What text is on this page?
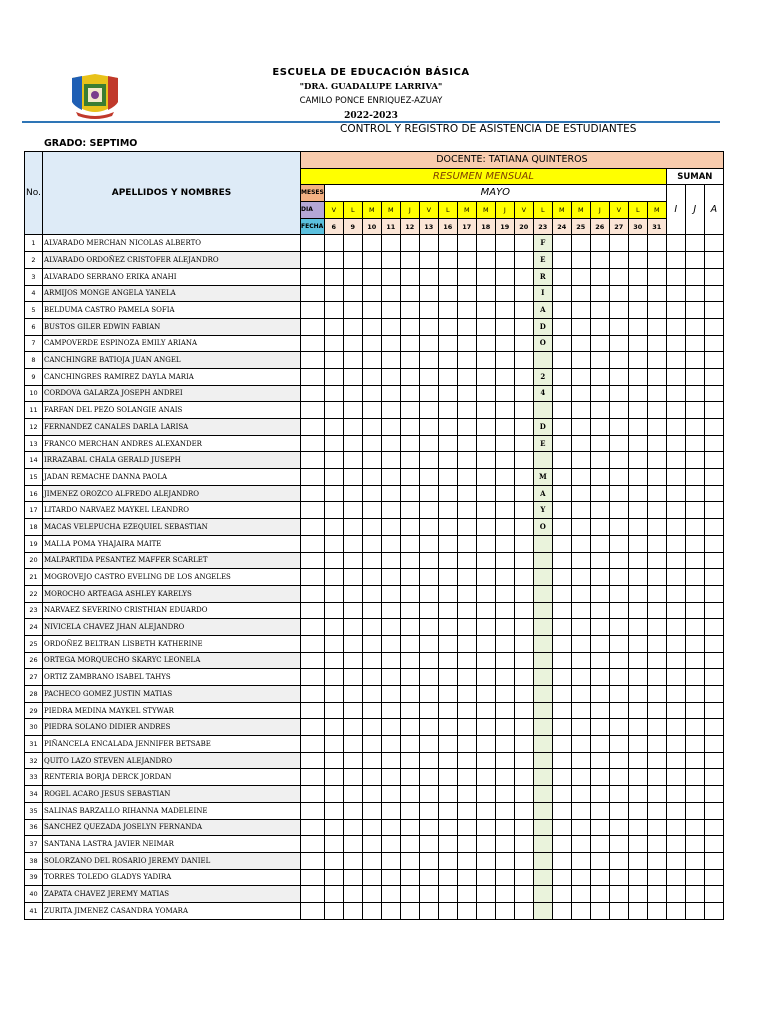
ESCUELA DE EDUCACIÓN BÁSICA
"DRA. GUADALUPE LARRIVA"
CAMILO PONCE ENRIQUEZ-AZUAY
2022-2023
CONTROL Y REGISTRO DE ASISTENCIA DE ESTUDIANTES
GRADO: SEPTIMO
No.	APELLIDOS Y NOMBRES	DOCENTE: TATIANA QUINTEROS																					
		RESUMEN MENSUAL																			SUMAN		
		MESES	MAYO																		I	J	A
		DIA	V	L	M	M	J	V	L	M	M	J	V	L	M	M	J	V	L	M			
		FECHA	6	9	10	11	12	13	16	17	18	19	20	23	24	25	26	27	30	31			
1	ALVARADO MERCHAN NICOLAS ALBERTO													F									
2	ALVARADO ORDOÑEZ CRISTOFER ALEJANDRO													E									
3	ALVARADO SERRANO ERIKA ANAHI													R									
4	ARMIJOS MONGE ANGELA YANELA													I									
5	BELDUMA CASTRO PAMELA SOFIA													A									
6	BUSTOS GILER EDWIN FABIAN													D									
7	CAMPOVERDE ESPINOZA EMILY ARIANA													O									
8	CANCHINGRE BATIOJA JUAN ANGEL																						
9	CANCHINGRES RAMIREZ DAYLA MARIA													2									
10	CORDOVA GALARZA JOSEPH ANDREI													4									
11	FARFAN DEL PEZO SOLANGIE ANAIS																						
12	FERNANDEZ CANALES DARLA LARISA													D									
13	FRANCO MERCHAN ANDRES ALEXANDER													E									
14	IRRAZABAL CHALA GERALD JUSEPH																						
15	JADAN REMACHE DANNA PAOLA													M									
16	JIMENEZ OROZCO ALFREDO ALEJANDRO													A									
17	LITARDO NARVAEZ MAYKEL LEANDRO													Y									
18	MACAS VELEPUCHA EZEQUIEL SEBASTIAN													O									
19	MALLA POMA YHAJAIRA MAITE																						
20	MALPARTIDA PESANTEZ MAFFER SCARLET																						
21	MOGROVEJO CASTRO EVELING DE LOS ANGELES																						
22	MOROCHO ARTEAGA ASHLEY KARELYS																						
23	NARVAEZ SEVERINO CRISTHIAN EDUARDO																						
24	NIVICELA CHAVEZ JHAN ALEJANDRO																						
25	ORDOÑEZ BELTRAN LISBETH KATHERINE																						
26	ORTEGA MORQUECHO SKARYC LEONELA																						
27	ORTIZ ZAMBRANO ISABEL TAHYS																						
28	PACHECO GOMEZ JUSTIN MATIAS																						
29	PIEDRA MEDINA MAYKEL STYWAR																						
30	PIEDRA SOLANO DIDIER ANDRES																						
31	PIÑANCELA ENCALADA JENNIFER BETSABE																						
32	QUITO LAZO STEVEN ALEJANDRO																						
33	RENTERIA BORJA DERCK JORDAN																						
34	ROGEL ACARO JESUS SEBASTIAN																						
35	SALINAS BARZALLO RIHANNA MADELEINE																						
36	SANCHEZ QUEZADA JOSELYN FERNANDA																						
37	SANTANA LASTRA JAVIER NEIMAR																						
38	SOLORZANO DEL ROSARIO JEREMY DANIEL																						
39	TORRES TOLEDO GLADYS YADIRA																						
40	ZAPATA CHAVEZ JEREMY MATIAS																						
41	ZURITA JIMENEZ CASANDRA YOMARA																						
